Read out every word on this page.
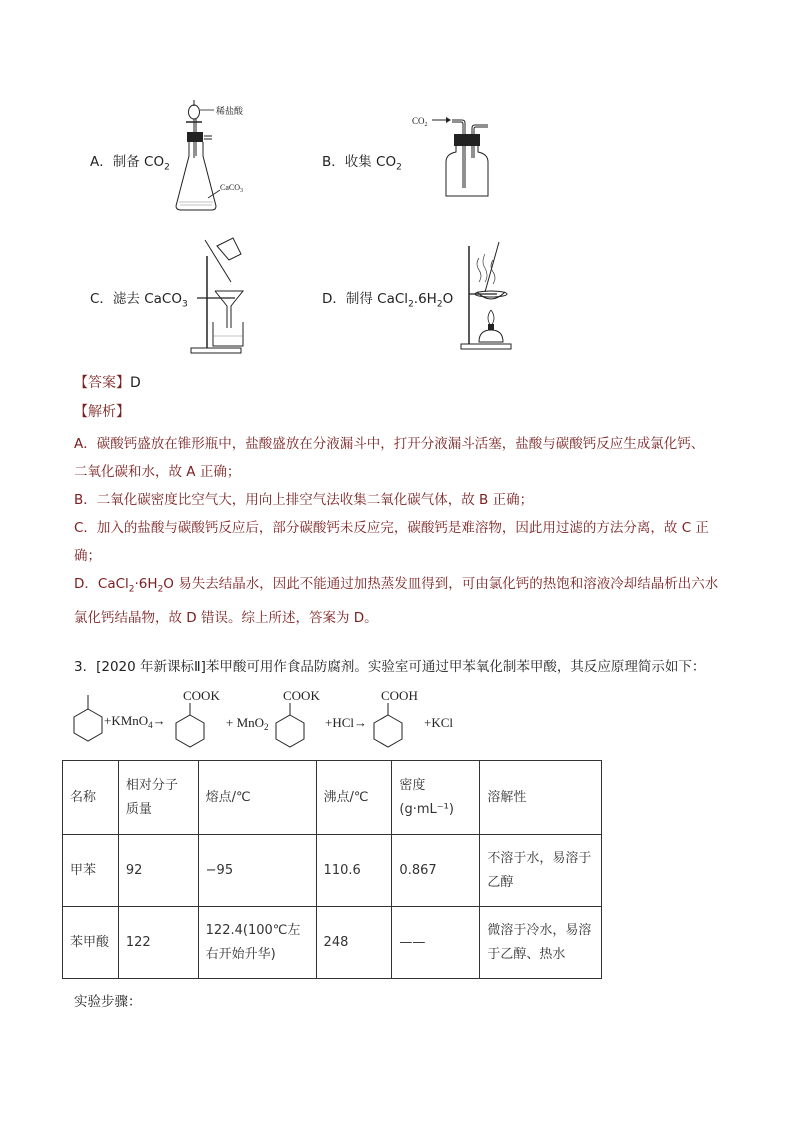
A．制备 $CO_2$
稀盐酸
CaCO$_3$
B．收集 $CO_2$
$CO_2$
C．滤去 CaCO$_3$	D．制得 $CaCl_2.6H_2O$
【答案】D
【解析】
A．碳酸钙盛放在锥形瓶中，盐酸盛放在分液漏斗中，打开分液漏斗活塞，盐酸与碳酸钙反应生成氯化钙、
二氧化碳和水，故 A 正确；
B．二氧化碳密度比空气大，用向上排空气法收集二氧化碳气体，故 B 正确；
C．加入的盐酸与碳酸钙反应后，部分碳酸钙未反应完，碳酸钙是难溶物，因此用过滤的方法分离，故 C 正
确；
D．$CaCl_2\cdot 6H_2O$ 易失去结晶水，因此不能通过加热蒸发皿得到，可由氯化钙的热饱和溶液冷却结晶析出六水
氯化钙结晶物，故 D 错误。综上所述，答案为 D。
3．[2020 年新课标Ⅱ]苯甲酸可用作食品防腐剂。实验室可通过甲苯氧化制苯甲酸，其反应原理简示如下：
+KMnO$_4$→
COOK
+ MnO$_2$
COOK
+HCl→
COOH
+KCl
名称	相对分子质量	熔点/℃	沸点/℃	密度(g·mL⁻¹)	溶解性
甲苯	92	−95	110.6	0.867	不溶于水，易溶于乙醇
苯甲酸	122	122.4(100℃左右开始升华)	248	——	微溶于冷水，易溶于乙醇、热水
实验步骤：
